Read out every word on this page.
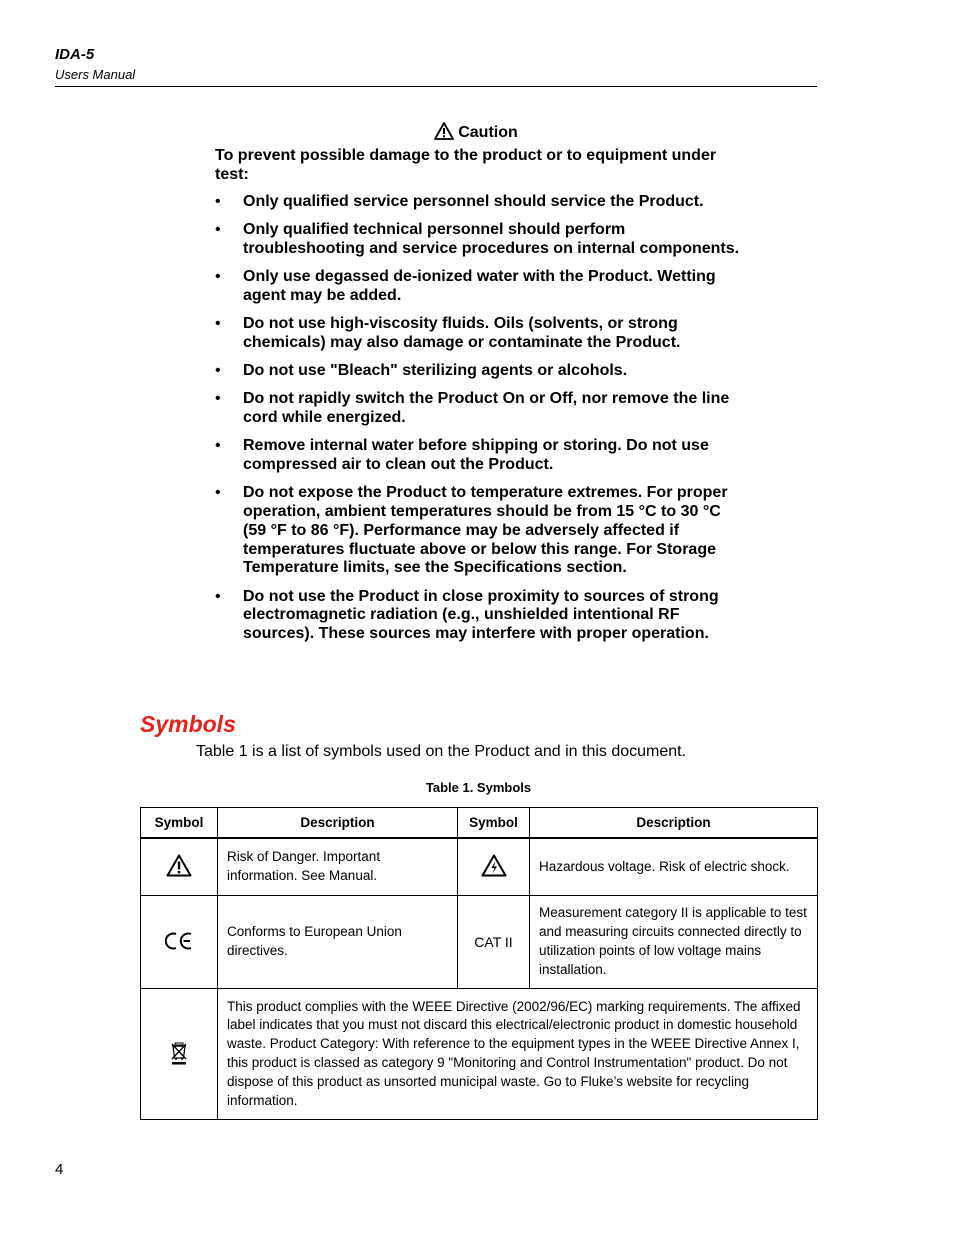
IDA-5
Users Manual
Caution
To prevent possible damage to the product or to equipment under test:
• Only qualified service personnel should service the Product.
• Only qualified technical personnel should perform troubleshooting and service procedures on internal components.
• Only use degassed de-ionized water with the Product. Wetting agent may be added.
• Do not use high-viscosity fluids. Oils (solvents, or strong chemicals) may also damage or contaminate the Product.
• Do not use "Bleach" sterilizing agents or alcohols.
• Do not rapidly switch the Product On or Off, nor remove the line cord while energized.
• Remove internal water before shipping or storing. Do not use compressed air to clean out the Product.
• Do not expose the Product to temperature extremes. For proper operation, ambient temperatures should be from 15 °C to 30 °C (59 °F to 86 °F). Performance may be adversely affected if temperatures fluctuate above or below this range. For Storage Temperature limits, see the Specifications section.
• Do not use the Product in close proximity to sources of strong electromagnetic radiation (e.g., unshielded intentional RF sources). These sources may interfere with proper operation.
Symbols
Table 1 is a list of symbols used on the Product and in this document.
Table 1. Symbols
Symbol	Description	Symbol	Description
	Risk of Danger. Important information. See Manual.		Hazardous voltage. Risk of electric shock.
	Conforms to European Union directives.	CAT II	Measurement category II is applicable to test and measuring circuits connected directly to utilization points of low voltage mains installation.
	This product complies with the WEEE Directive (2002/96/EC) marking requirements. The affixed label indicates that you must not discard this electrical/electronic product in domestic household waste. Product Category: With reference to the equipment types in the WEEE Directive Annex I, this product is classed as category 9 "Monitoring and Control Instrumentation" product. Do not dispose of this product as unsorted municipal waste. Go to Fluke’s website for recycling information.		
4
